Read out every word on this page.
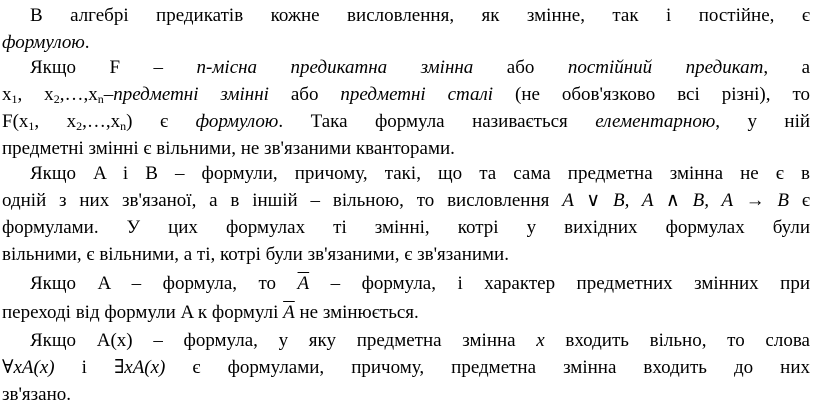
В алгебрі предикатів кожне висловлення, як змінне, так і постійне, є
формулою.
Якщо F – n-місна предикатна змінна або постійний предикат, а
$x_1$, $x_2,\dots,x_n$–предметні змінні або предметні сталі (не обов'язково всі різні), то
$F(x_1$, $x_2,\dots,x_n$) є формулою. Така формула називається елементарною, у ній
предметні змінні є вільними, не зв'язаними кванторами.
Якщо A і B – формули, причому, такі, що та сама предметна змінна не є в
одній з них зв'язаної, а в іншій – вільною, то висловлення A ∨ B, A ∧ B, A → B є
формулами. У цих формулах ті змінні, котрі у вихідних формулах були
вільними, є вільними, а ті, котрі були зв'язаними, є зв'язаними.
Якщо A – формула, то $\overline{A}$ – формула, і характер предметних змінних при
переході від формули A к формулі $\overline{A}$ не змінюється.
Якщо A(x) – формула, у яку предметна змінна x входить вільно, то слова
∀xA(x) і ∃xA(x) є формулами, причому, предметна змінна входить до них
зв'язано.
